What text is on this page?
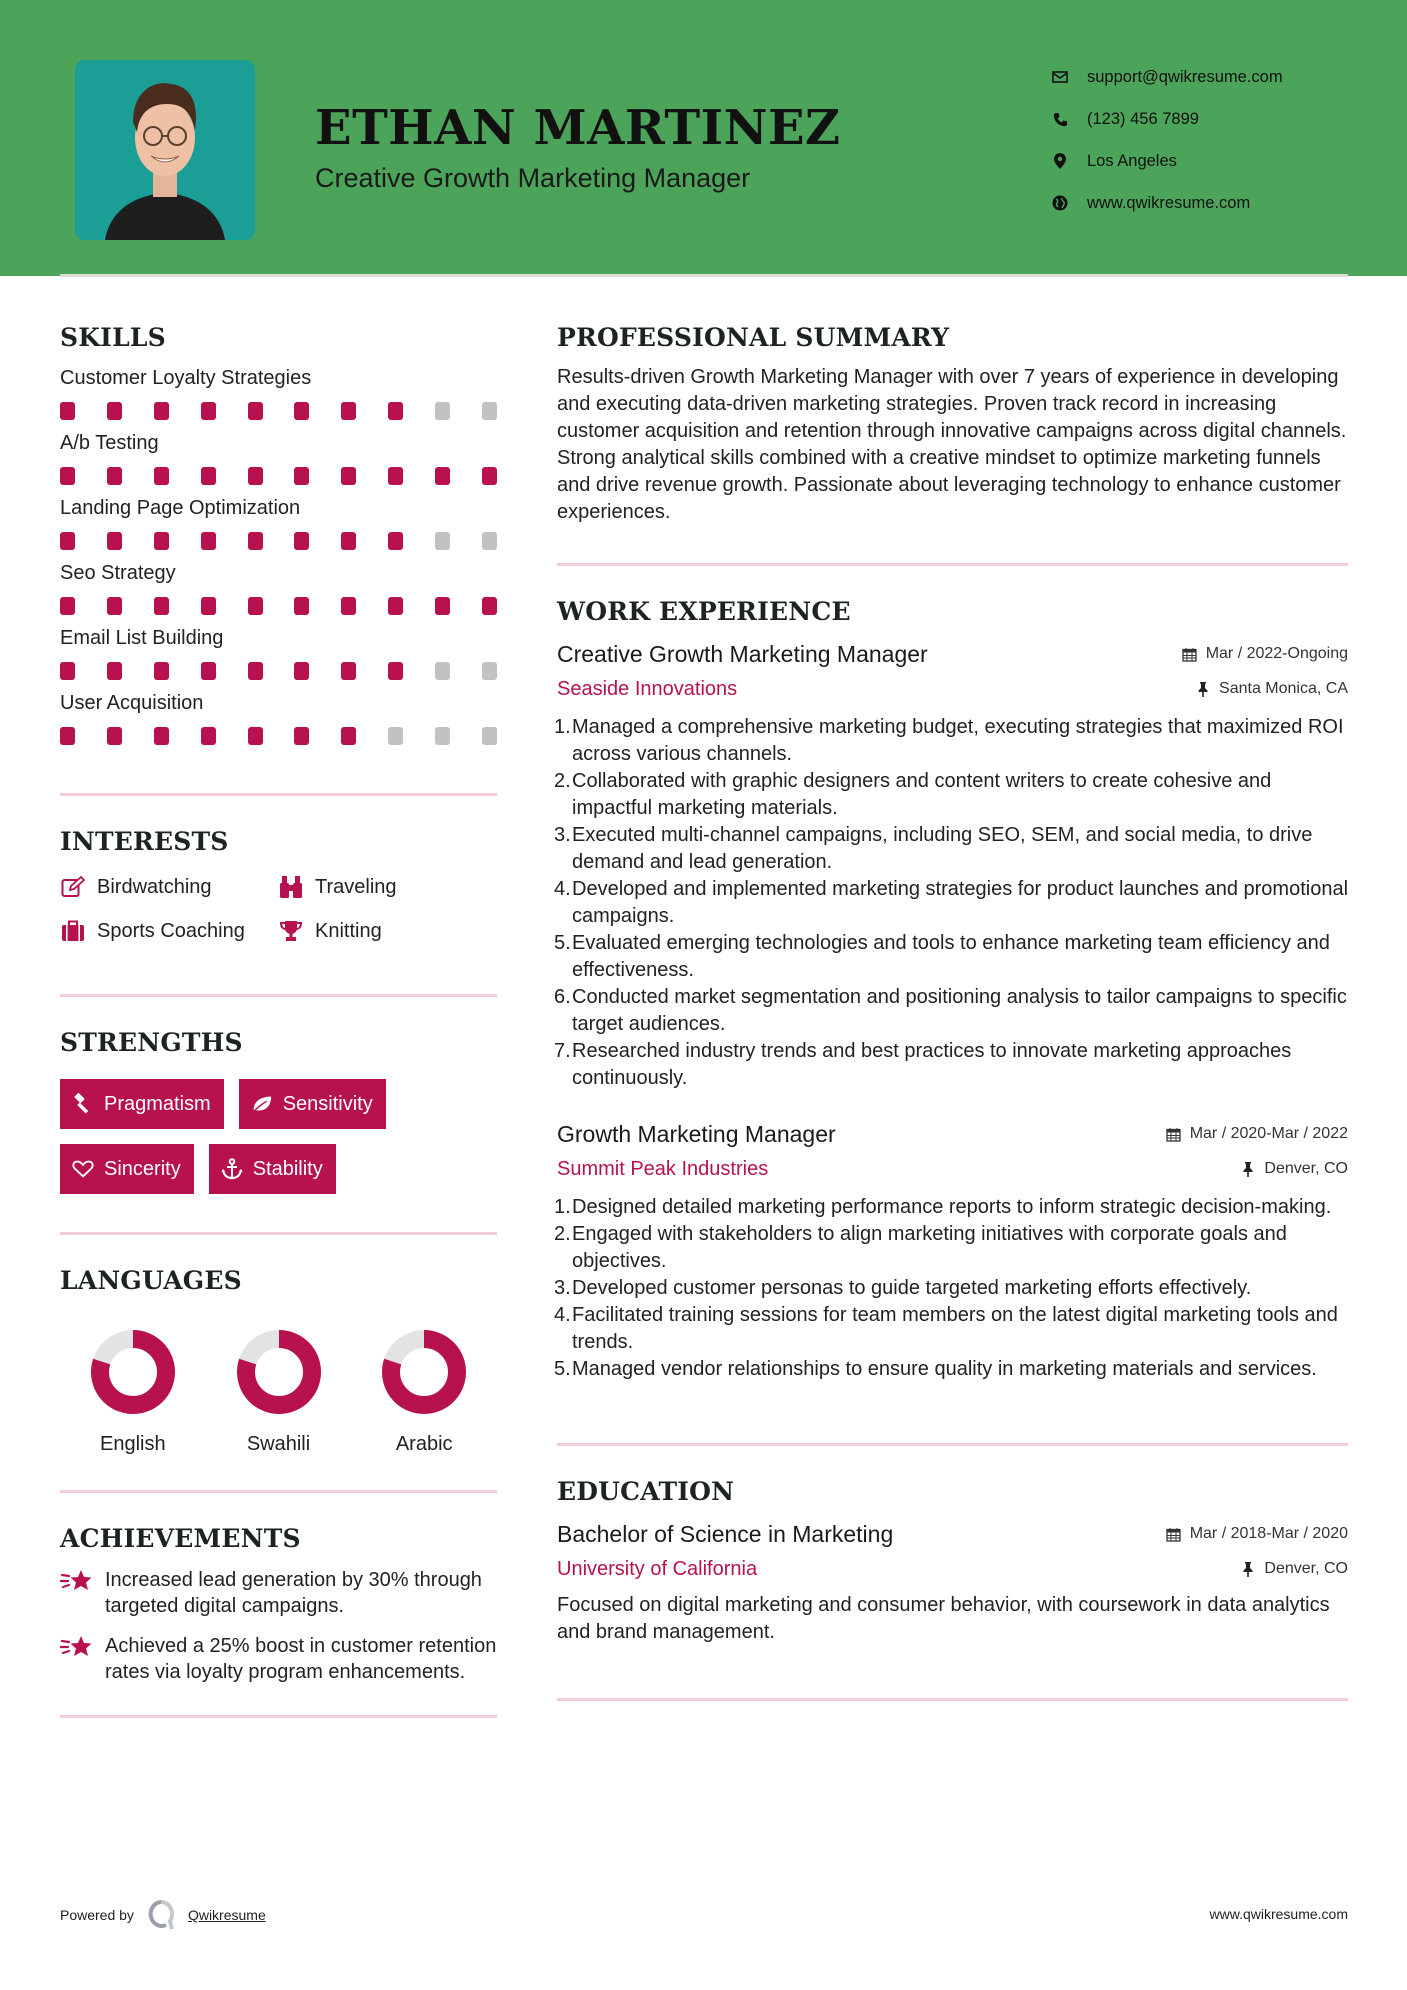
ETHAN MARTINEZ
Creative Growth Marketing Manager
support@qwikresume.com
(123) 456 7899
Los Angeles
www.qwikresume.com
SKILLS
Customer Loyalty Strategies
A/b Testing
Landing Page Optimization
Seo Strategy
Email List Building
User Acquisition
INTERESTS
Birdwatching	Traveling
Sports Coaching	Knitting
STRENGTHS
Pragmatism	Sensitivity
Sincerity	Stability
LANGUAGES
English	Swahili	Arabic
ACHIEVEMENTS
Increased lead generation by 30% through targeted digital campaigns.
Achieved a 25% boost in customer retention rates via loyalty program enhancements.
PROFESSIONAL SUMMARY

Results-driven Growth Marketing Manager with over 7 years of experience in developing and executing data-driven marketing strategies. Proven track record in increasing customer acquisition and retention through innovative campaigns across digital channels. Strong analytical skills combined with a creative mindset to optimize marketing funnels and drive revenue growth. Passionate about leveraging technology to enhance customer experiences.

WORK EXPERIENCE
Creative Growth Marketing Manager	Mar / 2022-Ongoing
Seaside Innovations	Santa Monica, CA
1. Managed a comprehensive marketing budget, executing strategies that maximized ROI across various channels.
2. Collaborated with graphic designers and content writers to create cohesive and impactful marketing materials.
3. Executed multi-channel campaigns, including SEO, SEM, and social media, to drive demand and lead generation.
4. Developed and implemented marketing strategies for product launches and promotional campaigns.
5. Evaluated emerging technologies and tools to enhance marketing team efficiency and effectiveness.
6. Conducted market segmentation and positioning analysis to tailor campaigns to specific target audiences.
7. Researched industry trends and best practices to innovate marketing approaches continuously.
Growth Marketing Manager	Mar / 2020-Mar / 2022
Summit Peak Industries	Denver, CO
1. Designed detailed marketing performance reports to inform strategic decision-making.
2. Engaged with stakeholders to align marketing initiatives with corporate goals and objectives.
3. Developed customer personas to guide targeted marketing efforts effectively.
4. Facilitated training sessions for team members on the latest digital marketing tools and trends.
5. Managed vendor relationships to ensure quality in marketing materials and services.
EDUCATION
Bachelor of Science in Marketing	Mar / 2018-Mar / 2020
University of California	Denver, CO

Focused on digital marketing and consumer behavior, with coursework in data analytics and brand management.

Powered by	Qwikresume	www.qwikresume.com
